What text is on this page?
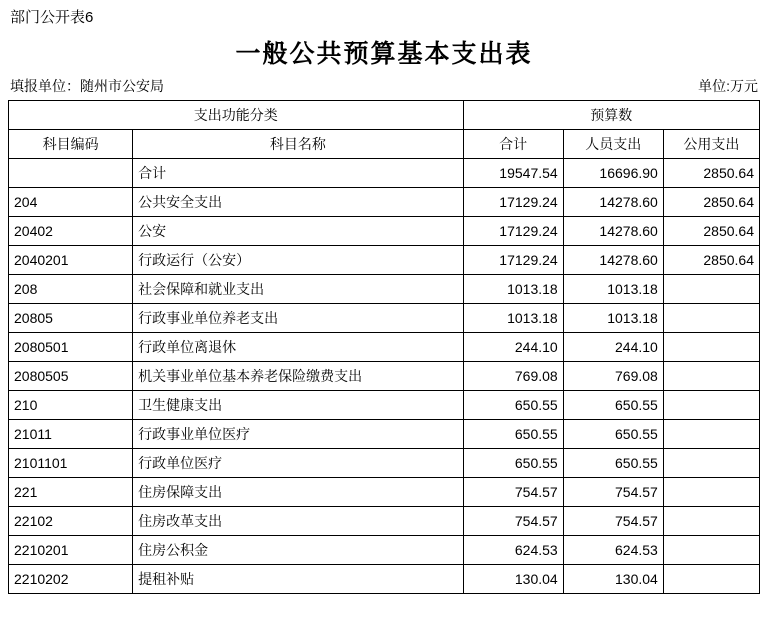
部门公开表6
一般公共预算基本支出表
填报单位：随州市公安局	单位:万元
支出功能分类		预算数		
科目编码	科目名称	合计	人员支出	公用支出
	合计	19547.54	16696.90	2850.64
204	公共安全支出	17129.24	14278.60	2850.64
20402	公安	17129.24	14278.60	2850.64
2040201	行政运行（公安）	17129.24	14278.60	2850.64
208	社会保障和就业支出	1013.18	1013.18	
20805	行政事业单位养老支出	1013.18	1013.18	
2080501	行政单位离退休	244.10	244.10	
2080505	机关事业单位基本养老保险缴费支出	769.08	769.08	
210	卫生健康支出	650.55	650.55	
21011	行政事业单位医疗	650.55	650.55	
2101101	行政单位医疗	650.55	650.55	
221	住房保障支出	754.57	754.57	
22102	住房改革支出	754.57	754.57	
2210201	住房公积金	624.53	624.53	
2210202	提租补贴	130.04	130.04	
